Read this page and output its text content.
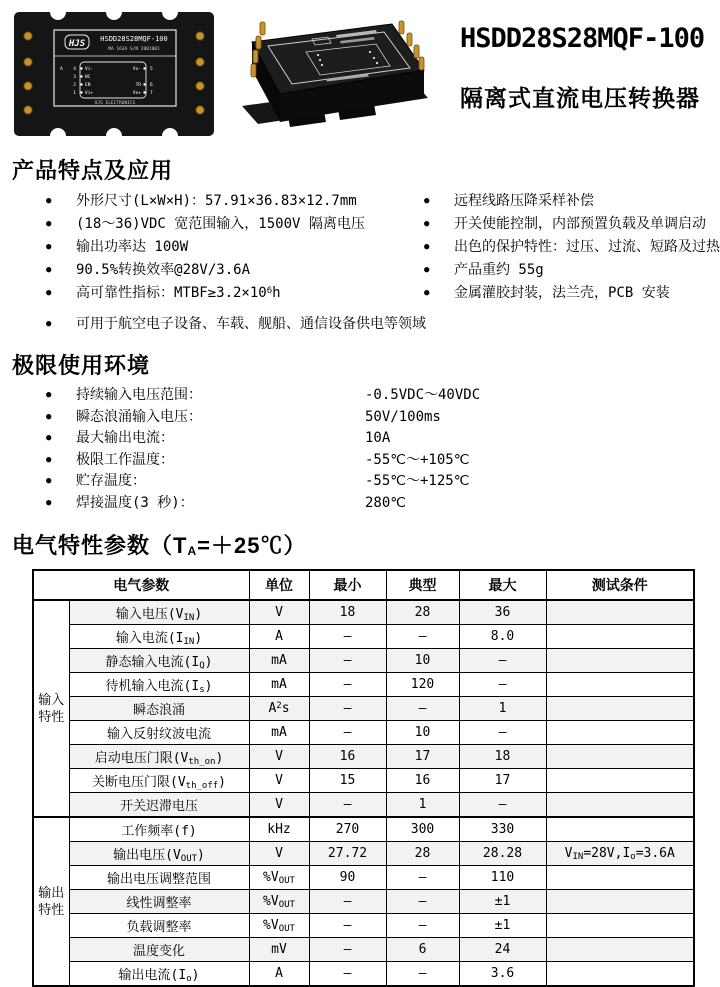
HJS HSDD28S28MQF-100
MA 163A S/N 2001001
A 4
3
2
1
Vi-
NC
EN
Vi+
Vo-
TR
Vo+
5
6
7
HJS ELECTRONICS
HSDD28S28MQF-100
隔离式直流电压转换器
产品特点及应用
●	外形尺寸(L×W×H)：57.91×36.83×12.7mm
●	(18～36)VDC 宽范围输入，1500V 隔离电压
●	输出功率达 100W
●	90.5%转换效率@28V/3.6A
●	高可靠性指标：$MTBF\ge 3.2\times 10^6h$
●	远程线路压降采样补偿
●	开关使能控制，内部预置负载及单调启动
●	出色的保护特性：过压、过流、短路及过热
●	产品重约 55g
●	金属灌胶封装，法兰壳，PCB 安装
●	可用于航空电子设备、车载、舰船、通信设备供电等领域
极限使用环境
●	持续输入电压范围：	-0.5VDC～40VDC
●	瞬态浪涌输入电压：	50V/100ms
●	最大输出电流：	10A
●	极限工作温度：	-55℃～+105℃
●	贮存温度：	-55℃～+125℃
●	焊接温度(3 秒)：	280℃
电气特性参数$(T_A=+25℃)$
电气参数		单位	最小	典型	最大	测试条件
输入
特性	输入电压$(V_{IN})$	V	18	28	36	
	输入电流$(I_{IN})$	A	—	—	8.0	
	静态输入电流$(I_Q)$	mA	—	10	—	
	待机输入电流$(I_s)$	mA	—	120	—	
	瞬态浪涌	$A^2s$	—	—	1	
	输入反射纹波电流	mA	—	10	—	
	启动电压门限$(V_{th\_on})$	V	16	17	18	
	关断电压门限$(V_{th\_off})$	V	15	16	17	
	开关迟滞电压	V	—	1	—	
输出
特性	工作频率(f)	kHz	270	300	330	
	输出电压$(V_{OUT})$	V	27.72	28	28.28	$V_{IN}=28V,I_o=3.6A$
	输出电压调整范围	$\%V_{OUT}$	90	—	110	
	线性调整率	$\%V_{OUT}$	—	—	±1	
	负载调整率	$\%V_{OUT}$	—	—	±1	
	温度变化	mV	—	6	24	
	输出电流$(I_o)$	A	—	—	3.6	
